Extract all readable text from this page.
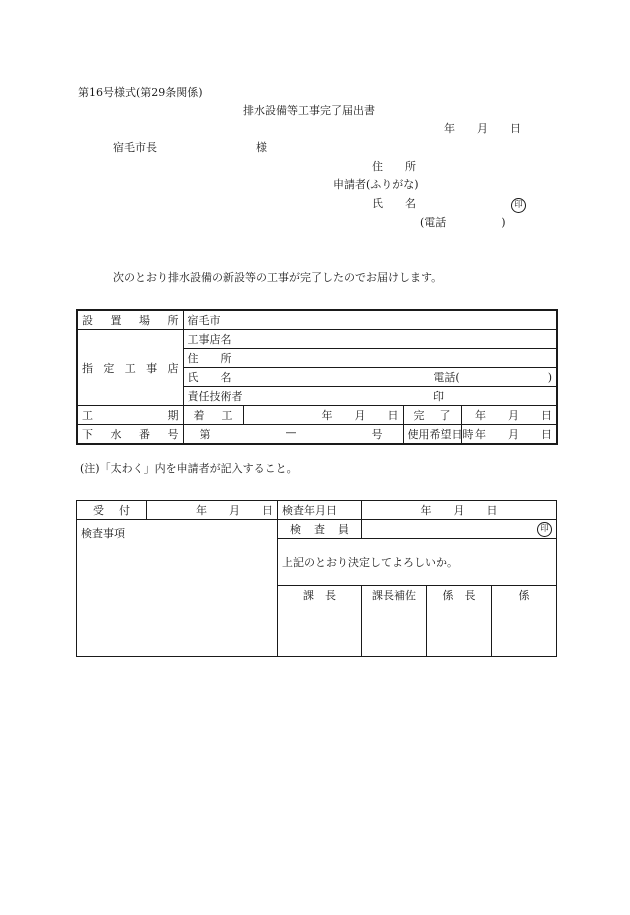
第16号様式(第29条関係)
排水設備等工事完了届出書
年　　月　　日
宿毛市長	様
住　　所
申請者(ふりがな)
氏　　名	印
(電話　　　　　)
次のとおり排水設備の新設等の工事が完了したのでお届けします。
設置場所	宿毛市			
指定工事店	工事店名			
	住　　所			

	氏　　名 電話(　　　　　　　　)			

	責任技術者 印			
工期	着工	年　　月　　日	完了	年　　月　　日
下水番号	第 — 号		使用希望日時	年　　月　　日
(注)「太わく」内を申請者が記入すること。
受付	年　　月　　日	検査年月日	年　　月　　日		
検査事項		検査員	印		
		上記のとおり決定してよろしいか。			
		課　長	課長補佐	係　長	係
